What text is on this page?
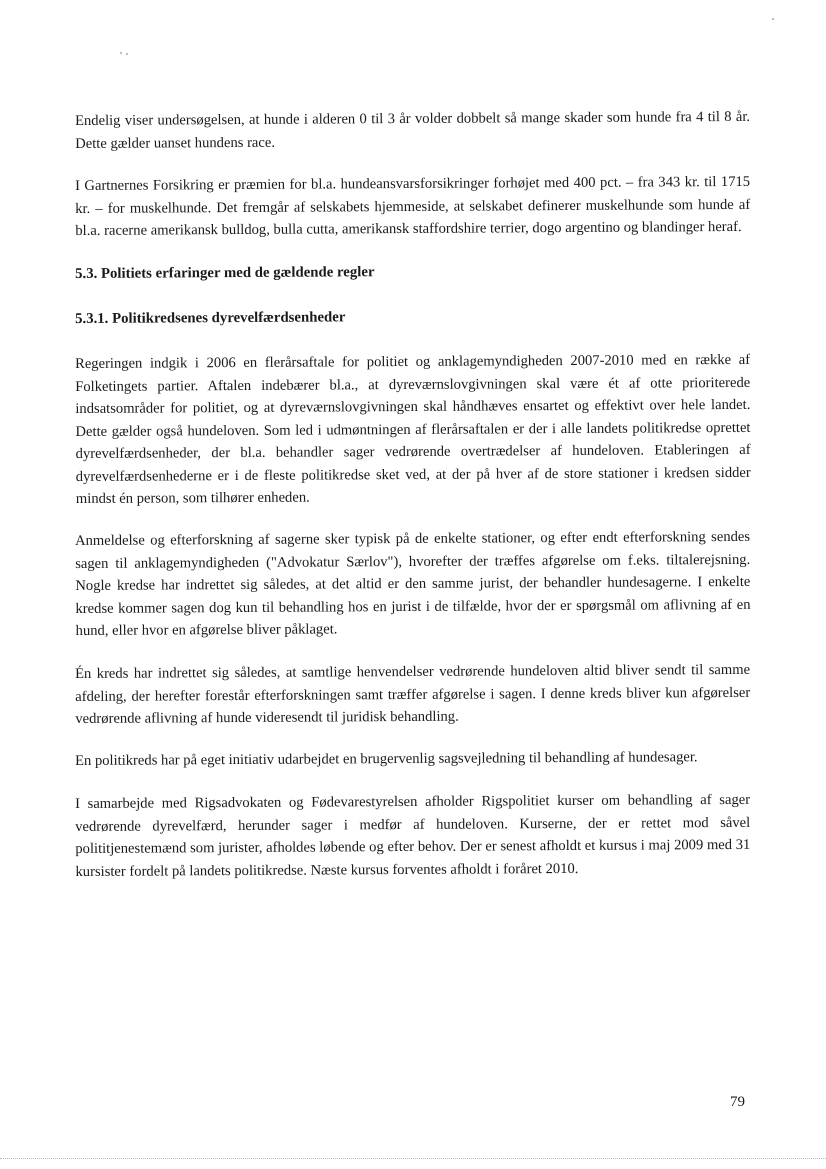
Endelig viser undersøgelsen, at hunde i alderen 0 til 3 år volder dobbelt så mange skader som hunde fra 4 til 8 år. Dette gælder uanset hundens race.

I Gartnernes Forsikring er præmien for bl.a. hundeansvarsforsikringer forhøjet med 400 pct. – fra 343 kr. til 1715 kr. – for muskelhunde. Det fremgår af selskabets hjemmeside, at selskabet definerer muskelhunde som hunde af bl.a. racerne amerikansk bulldog, bulla cutta, amerikansk staffordshire terrier, dogo argentino og blandinger heraf.

5.3. Politiets erfaringer med de gældende regler
5.3.1. Politikredsenes dyrevelfærdsenheder

Regeringen indgik i 2006 en flerårsaftale for politiet og anklagemyndigheden 2007-2010 med en række af Folketingets partier. Aftalen indebærer bl.a., at dyreværnslovgivningen skal være ét af otte prioriterede indsatsområder for politiet, og at dyreværnslovgivningen skal håndhæves ensartet og effektivt over hele landet. Dette gælder også hundeloven. Som led i udmøntningen af flerårsaftalen er der i alle landets politikredse oprettet dyrevelfærdsenheder, der bl.a. behandler sager vedrørende overtrædelser af hundeloven. Etableringen af dyrevelfærdsenhederne er i de fleste politikredse sket ved, at der på hver af de store stationer i kredsen sidder mindst én person, som tilhører enheden.

Anmeldelse og efterforskning af sagerne sker typisk på de enkelte stationer, og efter endt efterforskning sendes sagen til anklagemyndigheden ("Advokatur Særlov"), hvorefter der træffes afgørelse om f.eks. tiltalerejsning. Nogle kredse har indrettet sig således, at det altid er den samme jurist, der behandler hundesagerne. I enkelte kredse kommer sagen dog kun til behandling hos en jurist i de tilfælde, hvor der er spørgsmål om aflivning af en hund, eller hvor en afgørelse bliver påklaget.

Én kreds har indrettet sig således, at samtlige henvendelser vedrørende hundeloven altid bliver sendt til samme afdeling, der herefter forestår efterforskningen samt træffer afgørelse i sagen. I denne kreds bliver kun afgørelser vedrørende aflivning af hunde videresendt til juridisk behandling.

En politikreds har på eget initiativ udarbejdet en brugervenlig sagsvejledning til behandling af hundesager.

I samarbejde med Rigsadvokaten og Fødevarestyrelsen afholder Rigspolitiet kurser om behandling af sager vedrørende dyrevelfærd, herunder sager i medfør af hundeloven. Kurserne, der er rettet mod såvel polititjenestemænd som jurister, afholdes løbende og efter behov. Der er senest afholdt et kursus i maj 2009 med 31 kursister fordelt på landets politikredse. Næste kursus forventes afholdt i foråret 2010.

79
